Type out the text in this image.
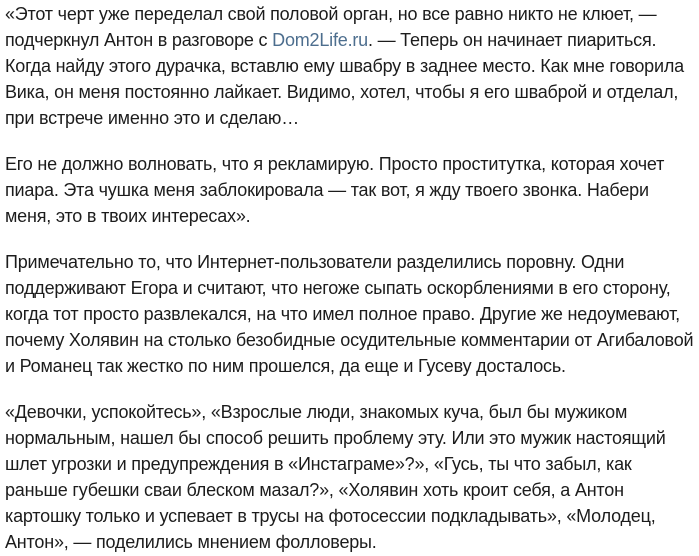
«Этот черт уже переделал свой половой орган, но все равно никто не клюет, — подчеркнул Антон в разговоре с Dom2Life.ru. — Теперь он начинает пиариться. Когда найду этого дурачка, вставлю ему швабру в заднее место. Как мне говорила Вика, он меня постоянно лайкает. Видимо, хотел, чтобы я его шваброй и отделал, при встрече именно это и сделаю…

Его не должно волновать, что я рекламирую. Просто проститутка, которая хочет пиара. Эта чушка меня заблокировала — так вот, я жду твоего звонка. Набери меня, это в твоих интересах».

Примечательно то, что Интернет-пользователи разделились поровну. Одни поддерживают Егора и считают, что негоже сыпать оскорблениями в его сторону, когда тот просто развлекался, на что имел полное право. Другие же недоумевают, почему Холявин на столько безобидные осудительные комментарии от Агибаловой и Романец так жестко по ним прошелся, да еще и Гусеву досталось.

«Девочки, успокойтесь», «Взрослые люди, знакомых куча, был бы мужиком нормальным, нашел бы способ решить проблему эту. Или это мужик настоящий шлет угрозки и предупреждения в «Инстаграме»?», «Гусь, ты что забыл, как раньше губешки сваи блеском мазал?», «Холявин хоть кроит себя, а Антон картошку только и успевает в трусы на фотосессии подкладывать», «Молодец, Антон», — поделились мнением фолловеры.
